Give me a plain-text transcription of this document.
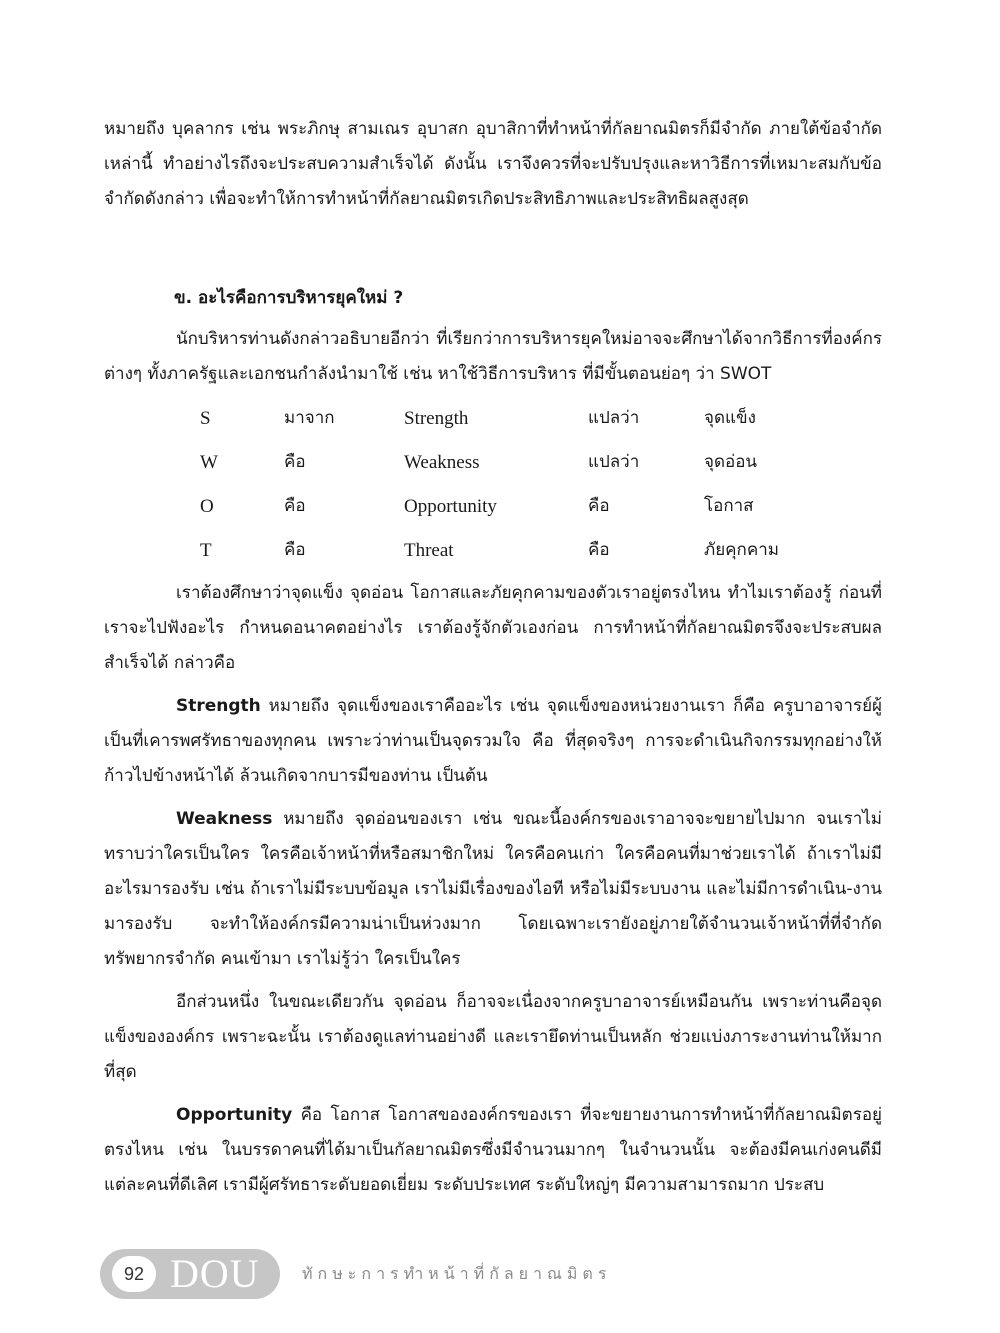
หมายถึง บุคลากร เช่น พระภิกษุ สามเณร อุบาสก อุบาสิกาที่ทำหน้าที่กัลยาณมิตรก็มีจำกัด ภายใต้ข้อจำกัดเหล่านี้ ทำอย่างไรถึงจะประสบความสำเร็จได้ ดังนั้น เราจึงควรที่จะปรับปรุงและหาวิธีการที่เหมาะสมกับข้อจำกัดดังกล่าว เพื่อจะทำให้การทำหน้าที่กัลยาณมิตรเกิดประสิทธิภาพและประสิทธิผลสูงสุด

ข. อะไรคือการบริหารยุคใหม่ ?

นักบริหารท่านดังกล่าวอธิบายอีกว่า ที่เรียกว่าการบริหารยุคใหม่อาจจะศึกษาได้จากวิธีการที่องค์กรต่างๆ ทั้งภาครัฐและเอกชนกำลังนำมาใช้ เช่น หาใช้วิธีการบริหาร ที่มีขั้นตอนย่อๆ ว่า SWOT

S	มาจาก	Strength	แปลว่า	จุดแข็ง
W	คือ	Weakness	แปลว่า	จุดอ่อน
O	คือ	Opportunity	คือ	โอกาส
T	คือ	Threat	คือ	ภัยคุกคาม

เราต้องศึกษาว่าจุดแข็ง จุดอ่อน โอกาสและภัยคุกคามของตัวเราอยู่ตรงไหน ทำไมเราต้องรู้ ก่อนที่เราจะไปฟังอะไร กำหนดอนาคตอย่างไร เราต้องรู้จักตัวเองก่อน การทำหน้าที่กัลยาณมิตรจึงจะประสบผลสำเร็จได้ กล่าวคือ

Strength หมายถึง จุดแข็งของเราคืออะไร เช่น จุดแข็งของหน่วยงานเรา ก็คือ ครูบาอาจารย์ผู้เป็นที่เคารพศรัทธาของทุกคน เพราะว่าท่านเป็นจุดรวมใจ คือ ที่สุดจริงๆ การจะดำเนินกิจกรรมทุกอย่างให้ก้าวไปข้างหน้าได้ ล้วนเกิดจากบารมีของท่าน เป็นต้น

Weakness หมายถึง จุดอ่อนของเรา เช่น ขณะนี้องค์กรของเราอาจจะขยายไปมาก จนเราไม่ทราบว่าใครเป็นใคร ใครคือเจ้าหน้าที่หรือสมาชิกใหม่ ใครคือคนเก่า ใครคือคนที่มาช่วยเราได้ ถ้าเราไม่มีอะไรมารองรับ เช่น ถ้าเราไม่มีระบบข้อมูล เราไม่มีเรื่องของไอที หรือไม่มีระบบงาน และไม่มีการดำเนิน-งานมารองรับ จะทำให้องค์กรมีความน่าเป็นห่วงมาก โดยเฉพาะเรายังอยู่ภายใต้จำนวนเจ้าหน้าที่ที่จำกัด ทรัพยากรจำกัด คนเข้ามา เราไม่รู้ว่า ใครเป็นใคร

อีกส่วนหนึ่ง ในขณะเดียวกัน จุดอ่อน ก็อาจจะเนื่องจากครูบาอาจารย์เหมือนกัน เพราะท่านคือจุดแข็งขององค์กร เพราะฉะนั้น เราต้องดูแลท่านอย่างดี และเรายึดท่านเป็นหลัก ช่วยแบ่งภาระงานท่านให้มากที่สุด

Opportunity คือ โอกาส โอกาสขององค์กรของเรา ที่จะขยายงานการทำหน้าที่กัลยาณมิตรอยู่ตรงไหน เช่น ในบรรดาคนที่ได้มาเป็นกัลยาณมิตรซึ่งมีจำนวนมากๆ ในจำนวนนั้น จะต้องมีคนเก่งคนดีมีแต่ละคนที่ดีเลิศ เรามีผู้ศรัทธาระดับยอดเยี่ยม ระดับประเทศ ระดับใหญ่ๆ มีความสามารถมาก ประสบ

92 DOU	ทักษะการทำหน้าที่กัลยาณมิตร
